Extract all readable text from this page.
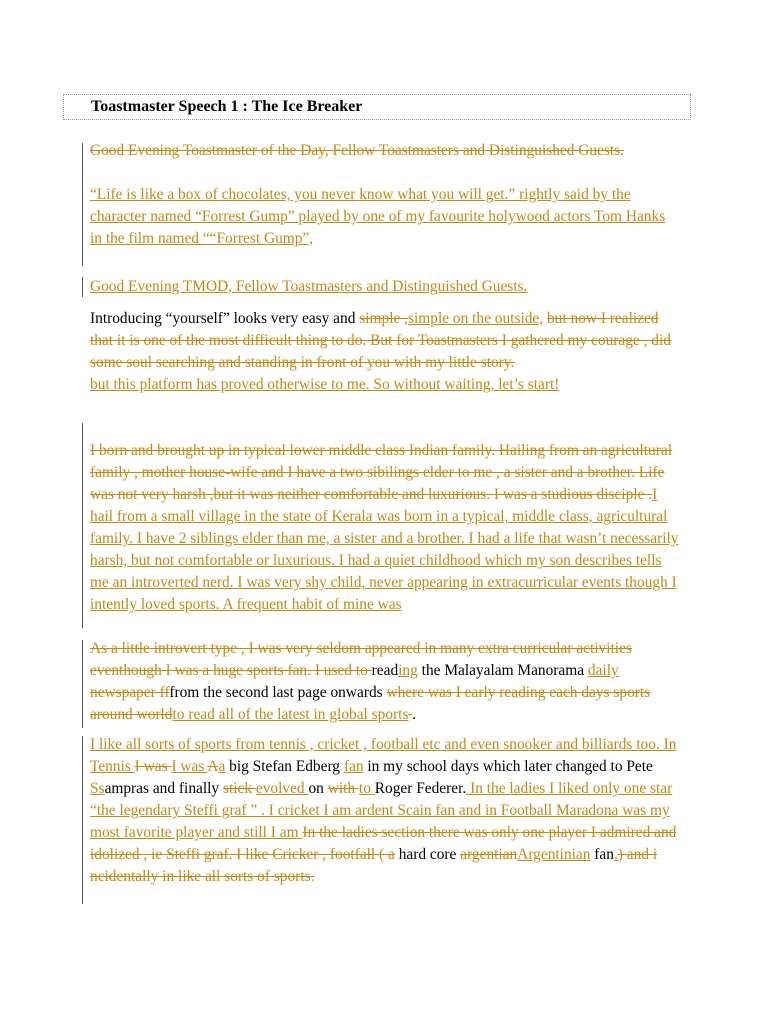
Toastmaster Speech 1 : The Ice Breaker
Good Evening Toastmaster of the Day, Fellow Toastmasters and Distinguished Guests.

“Life is like a box of chocolates, you never know what you will get.” rightly said by the character named “Forrest Gump” played by one of my favourite holywood actors Tom Hanks in the film named ““Forrest Gump”,
Good Evening TMOD, Fellow Toastmasters and Distinguished Guests.
Introducing “yourself” looks very easy and simple ,simple on the outside, but now I realized that it is one of the most difficult thing to do. But for Toastmasters I gathered my courage , did some soul searching and standing in front of you with my little story.
but this platform has proved otherwise to me. So without waiting, let’s start!
I born and brought up in typical lower middle class Indian family. Hailing from an agricultural family , mother house-wife and I have a two sibilings elder to me , a sister and a brother. Life was not very harsh ,but it was neither comfortable and luxurious. I was a studious disciple .I hail from a small village in the state of Kerala was born in a typical, middle class, agricultural family. I have 2 siblings elder than me, a sister and a brother. I had a life that wasn’t necessarily harsh, but not comfortable or luxurious. I had a quiet childhood which my son describes tells me an introverted nerd. I was very shy child, never appearing in extracurricular events though I intently loved sports. A frequent habit of mine was
As a little introvert type , I was very seldom appeared in many extra curricular activities eventhough I was a huge sports fan. I used to reading the Malayalam Manorama daily newspaper fffrom the second last page onwards where was I early reading each days sports around worldto read all of the latest in global sports .
I like all sorts of sports from tennis , cricket , football etc and even snooker and billiards too. In Tennis I was I was Aa big Stefan Edberg fan in my school days which later changed to Pete Ssampras and finally stick evolved on with to Roger Federer. In the ladies I liked only one star “the legendary Steffi graf ” . I cricket I am ardent Scain fan and in Football Maradona was my most favorite player and still I am In the ladies section there was only one player I admired and idolized , ie Steffi graf. I like Cricker , footfall ( a hard core argentianArgentinian fan.) and i ncidentally in like all sorts of sports.
